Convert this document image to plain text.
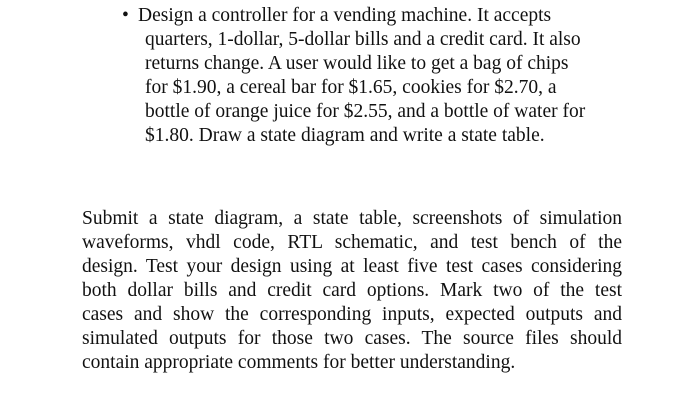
• Design a controller for a vending machine. It accepts
quarters, 1-dollar, 5-dollar bills and a credit card. It also
returns change. A user would like to get a bag of chips
for $1.90, a cereal bar for $1.65, cookies for $2.70, a
bottle of orange juice for $2.55, and a bottle of water for
$1.80. Draw a state diagram and write a state table.
Submit a state diagram, a state table, screenshots of simulation
waveforms, vhdl code, RTL schematic, and test bench of the
design. Test your design using at least five test cases considering
both dollar bills and credit card options. Mark two of the test
cases and show the corresponding inputs, expected outputs and
simulated outputs for those two cases. The source files should
contain appropriate comments for better understanding.
